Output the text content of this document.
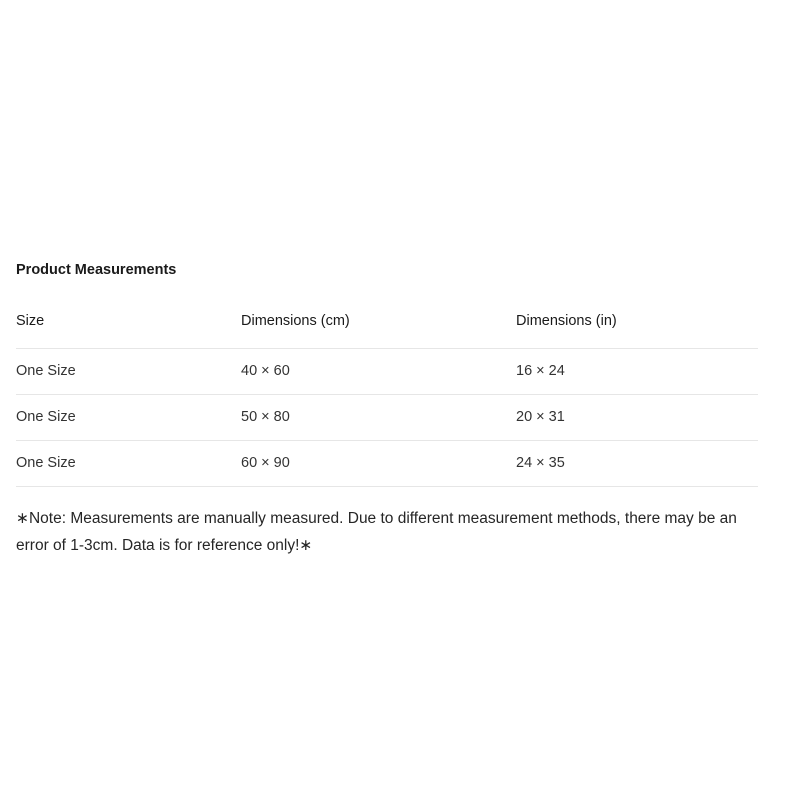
Product Measurements
Size	Dimensions (cm)	Dimensions (in)
One Size	40 × 60	16 × 24
One Size	50 × 80	20 × 31
One Size	60 × 90	24 × 35
∗Note: Measurements are manually measured. Due to different measurement methods, there may be an error of 1-3cm. Data is for reference only!∗
